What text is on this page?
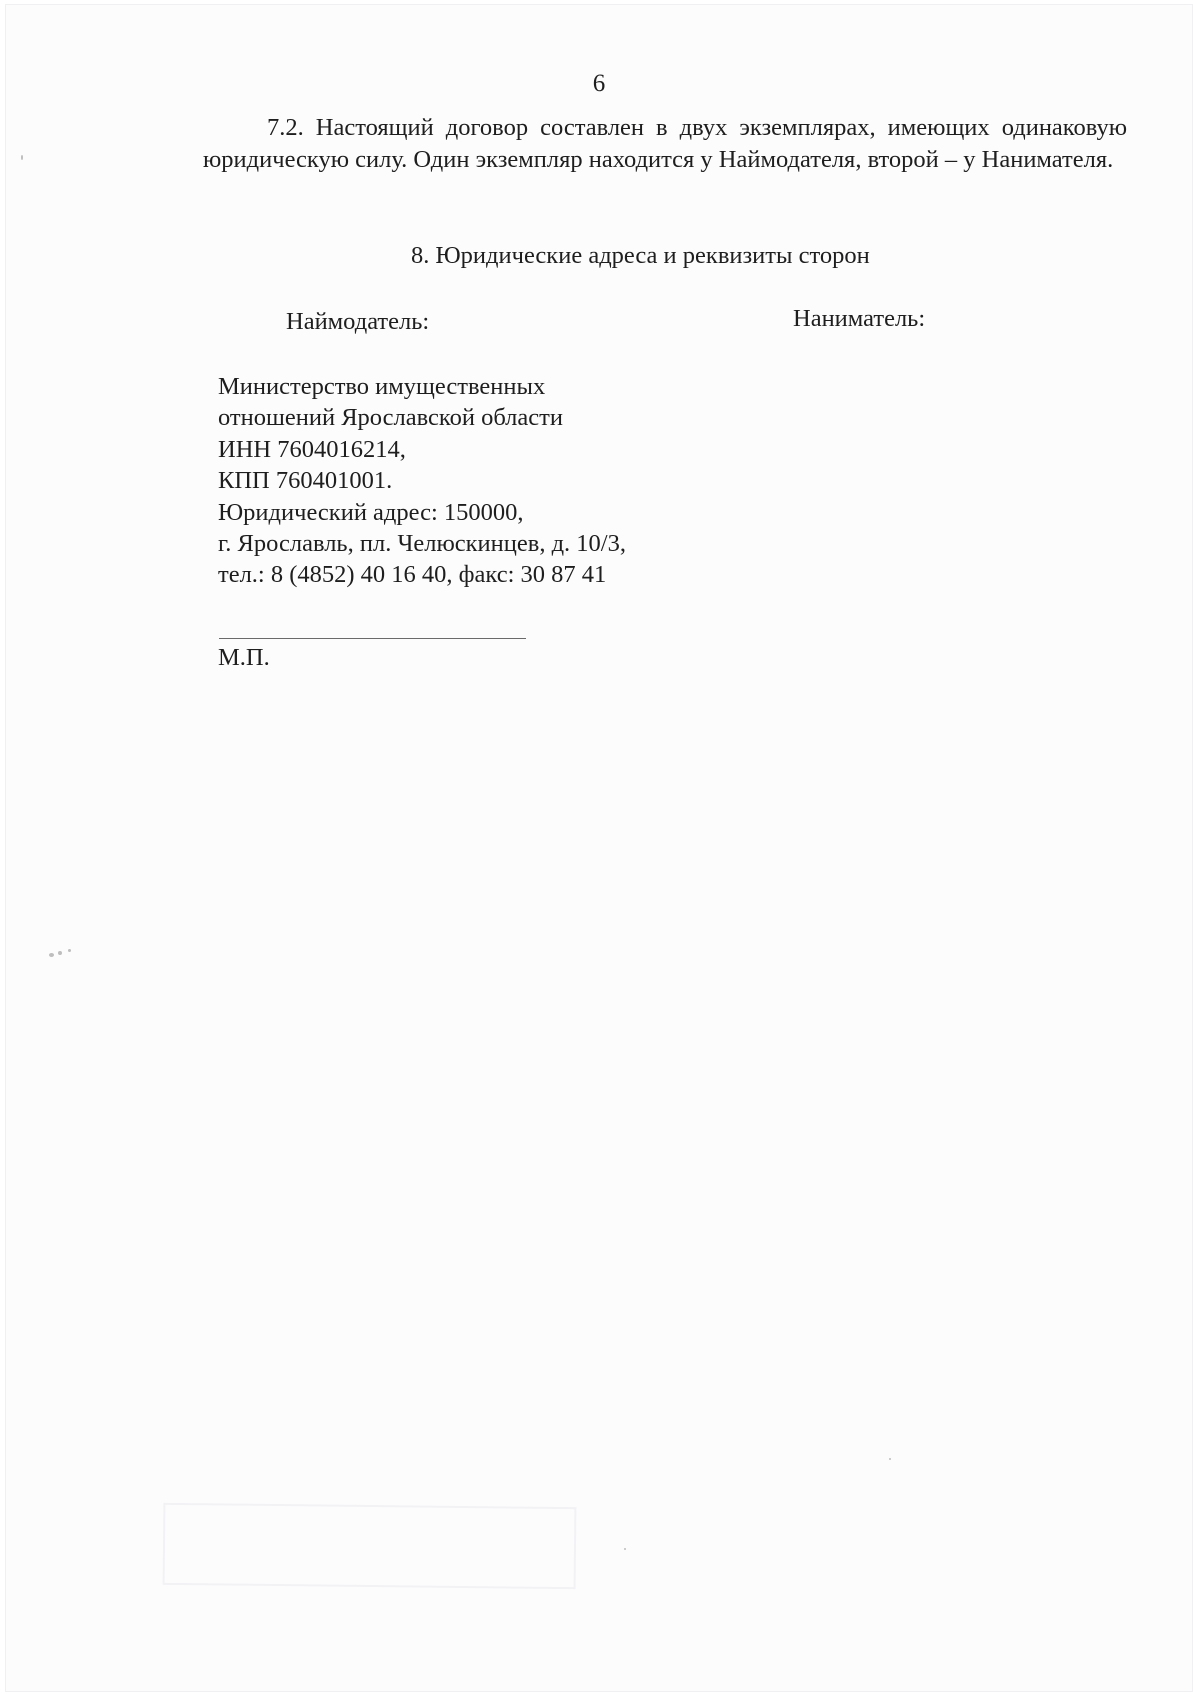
6

7.2. Настоящий договор составлен в двух экземплярах, имеющих одинаковую юридическую силу. Один экземпляр находится у Наймодателя, второй – у Нанимателя.

8. Юридические адреса и реквизиты сторон
Наймодатель:	Наниматель:
Министерство имущественных
отношений Ярославской области
ИНН 7604016214,
КПП 760401001.
Юридический адрес: 150000,
г. Ярославль, пл. Челюскинцев, д. 10/3,
тел.: 8 (4852) 40 16 40, факс: 30 87 41
М.П.
